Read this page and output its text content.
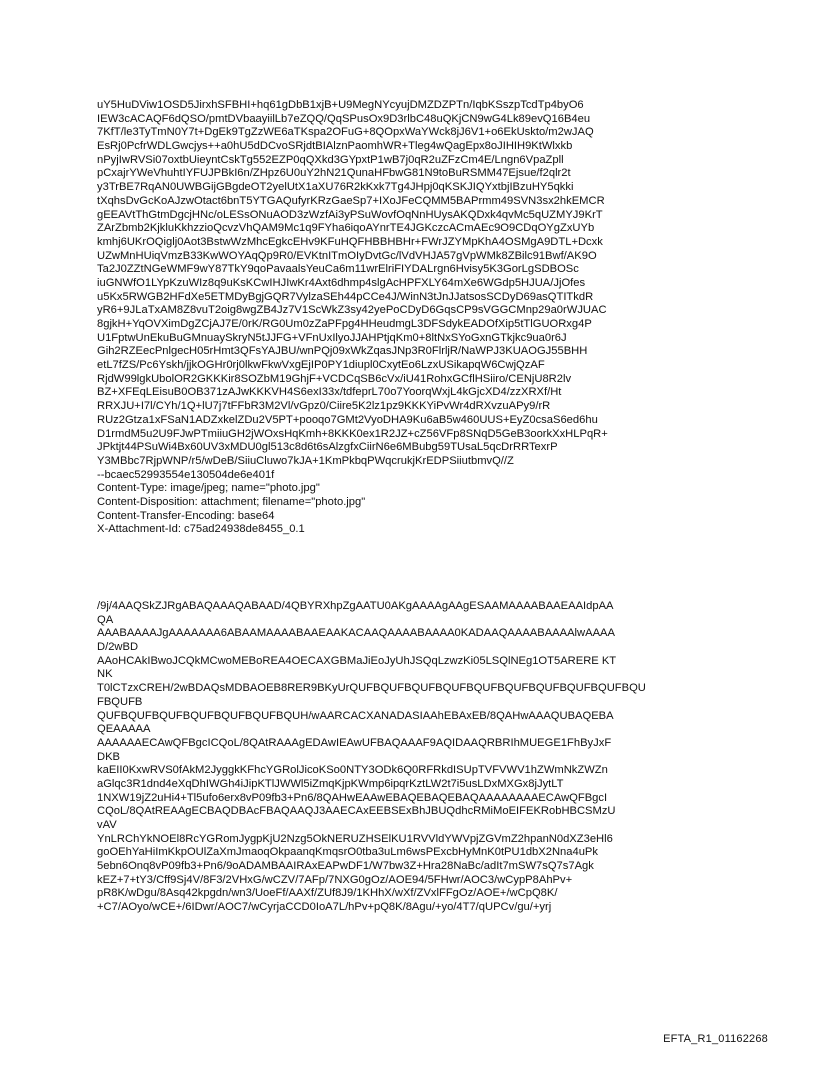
uY5HuDViw1OSD5JirxhSFBHI+hq61gDbB1xjB+U9MegNYcyujDMZDZPTn/IqbKSszpTcdTp4byO6
IEW3cACAQF6dQSO/pmtDVbaayiilLb7eZQQ/QqSPusOx9D3rlbC48uQKjCN9wG4Lk89evQ16B4eu
7KfT/le3TyTmN0Y7t+DgEk9TgZzWE6aTKspa2OFuG+8QOpxWaYWck8jJ6V1+o6EkUskto/m2wJAQ
EsRj0PcfrWDLGwcjys++a0hU5dDCvoSRjdtBIAlznPaomhWR+Tleg4wQagEpx8oJIHIH9KtWlxkb
nPyjIwRVSi07oxtbUieyntCskTg552EZP0qQXkd3GYpxtP1wB7j0qR2uZFzCm4E/Lngn6VpaZpll
pCxajrYWeVhuhtIYFUJPBkI6n/ZHpz6U0uY2hN21QunaHFbwG81N9toBuRSMM47Ejsue/f2qlr2t
y3TrBE7RqAN0UWBGijGBgdeOT2yelUtX1aXU76R2kKxk7Tg4JHpj0qKSKJIQYxtbjIBzuHY5qkki
tXqhsDvGcKoAJzwOtact6bnT5YTGAQufyrKRzGaeSp7+IXoJFeCQMM5BAPrmm49SVN3sx2hkEMCR
gEEAVtThGtmDgcjHNc/oLESsONuAOD3zWzfAi3yPSuWovfOqNnHUysAKQDxk4qvMc5qUZMYJ9KrT
ZArZbmb2KjkluKkhzzioQcvzVhQAM9Mc1q9FYha6iqoAYnrTE4JGKczcACmAEc9O9CDqOYgZxUYb
kmhj6UKrOQiglj0Aot3BstwWzMhcEgkcEHv9KFuHQFHBBHBHr+FWrJZYMpKhA4OSMgA9DTL+Dcxk
UZwMnHUiqVmzB33KwWOYAqQp9R0/EVKtnITmOIyDvtGc/lVdVHJA57gVpWMk8ZBilc91Bwf/AK9O
Ta2J0ZZtNGeWMF9wY87TkY9qoPavaalsYeuCa6m11wrElriFIYDALrgn6Hvisy5K3GorLgSDBOSc
iuGNWfO1LYpKzuWIz8q9uKsKCwIHJIwKr4Axt6dhmp4slgAcHPFXLY64mXe6WGdp5HJUA/JjOfes
u5Kx5RWGB2HFdXe5ETMDyBgjGQR7VylzaSEh44pCCe4J/WinN3tJnJJatsosSCDyD69asQTITkdR
yR6+9JLaTxAM8Z8vuT2oig8wgZB4Jz7V1ScWkZ3sy42yePoCDyD6GqsCP9sVGGCMnp29a0rWJUAC
8gjkH+YqOVXimDgZCjAJ7E/0rK/RG0Um0zZaPFpg4HHeudmgL3DFSdykEADOfXip5tTlGUORxg4P
U1FptwUnEkuBuGMnuaySkryN5tJJFG+VFnUxIlyoJJAHPtjqKm0+8ltNxSYoGxnGTkjkc9ua0r6J
Gih2RZEecPnlgecH05rHmt3QFsYAJBU/wnPQj09xWkZqasJNp3R0FlrljR/NaWPJ3KUAOGJ55BHH
etL7fZS/Pc6Yskh/jjkOGHr0rj0lkwFkwVxgEjIP0PY1diupl0CxytEo6LzxUSikapqW6CwjQzAF
RjdW99lgkUbolOR2GKKKir8SOZbM19GhjF+VCDCqSB6cVx/iU41RohxGCflHSiiro/CENjU8R2lv
BZ+XFEqLEisuB0OB371zAJwKKKVH4S6exI33x/tdfeprL70o7YoorqWxjL4kGjcXD4/zzXRXf/Ht
RRXJU+I7l/CYh/1Q+lU7j7tFFbR3M2Vl/vGpz0/Ciire5K2lz1pz9KKKYiPvWr4dRXvzuAPy9/rR
RUz2Gtza1xFSaN1ADZxkelZDu2V5PT+pooqo7GMt2VyoDHA9Ku6aB5w460UUS+EyZ0csaS6ed6hu
D1rmdM5u2U9FJwPTmiiuGH2jWOxsHqKmh+8KKK0ex1R2JZ+cZ56VFp8SNqD5GeB3oorkXxHLPqR+
JPktjt44PSuWi4Bx60UV3xMDU0gl513c8d6t6sAlzgfxCiirN6e6MBubg59TUsaL5qcDrRRTexrP
Y3MBbc7RjpWNP/r5/wDeB/SiiuCluwo7kJA+1KmPkbqPWqcrukjKrEDPSiiutbmvQ//Z
--bcaec52993554e130504de6e401f
Content-Type: image/jpeg; name="photo.jpg"
Content-Disposition: attachment; filename="photo.jpg"
Content-Transfer-Encoding: base64
X-Attachment-Id: c75ad24938de8455_0.1
/9j/4AAQSkZJRgABAQAAAQABAAD/4QBYRXhpZgAATU0AKgAAAAgAAgESAAMAAAABAAEAAIdpAA
QA
AAABAAAAJgAAAAAAA6ABAAMAAAABAAEAAKACAAQAAAABAAAA0KADAAQAAAABAAAAlwAAAA
D/2wBD
AAoHCAkIBwoJCQkMCwoMEBoREA4OECAXGBMaJiEoJyUhJSQqLzwzKi05LSQlNEg1OT5ARERE KT
NK
T0lCTzxCREH/2wBDAQsMDBAOEB8RER9BKyUrQUFBQUFBQUFBQUFBQUFBQUFBQUFBQUFBQUFBQU
FBQUFB
QUFBQUFBQUFBQUFBQUFBQUFBQUH/wAARCACXANADASIAAhEBAxEB/8QAHwAAAQUBAQEBA
QEAAAAA
AAAAAAECAwQFBgcICQoL/8QAtRAAAgEDAwIEAwUFBAQAAAF9AQIDAAQRBRIhMUEGE1FhByJxF
DKB
kaEII0KxwRVS0fAkM2JyggkKFhcYGRolJicoKSo0NTY3ODk6Q0RFRkdISUpTVFVWV1hZWmNkZWZn
aGlqc3R1dnd4eXqDhIWGh4iJipKTlJWWl5iZmqKjpKWmp6ipqrKztLW2t7i5usLDxMXGx8jJytLT
1NXW19jZ2uHi4+Tl5ufo6erx8vP09fb3+Pn6/8QAHwEAAwEBAQEBAQEBAQAAAAAAAAECAwQFBgcI
CQoL/8QAtREAAgECBAQDBAcFBAQAAQJ3AAECAxEEBSExBhJBUQdhcRMiMoEIFEKRobHBCSMzU
vAV
YnLRChYkNOEl8RcYGRomJygpKjU2Nzg5OkNERUZHSElKU1RVVldYWVpjZGVmZ2hpanN0dXZ3eHl6
goOEhYaHiImKkpOUlZaXmJmaoqOkpaanqKmqsrO0tba3uLm6wsPExcbHyMnK0tPU1dbX2Nna4uPk
5ebn6Onq8vP09fb3+Pn6/9oADAMBAAIRAxEAPwDF1/W7bw3Z+Hra28NaBc/adIt7mSW7sQ7s7Agk
kEZ+7+tY3/Cff9Sj4V/8F3/2VHxG/wCZV/7AFp/7NXG0gOz/AOE94/5FHwr/AOC3/wCypP8AhPv+
pR8K/wDgu/8Asq42kpgdn/wn3/UoeFf/AAXf/ZUf8J9/1KHhX/wXf/ZVxlFFgOz/AOE+/wCpQ8K/
+C7/AOyo/wCE+/6IDwr/AOC7/wCyrjaCCD0IoA7L/hPv+pQ8K/8Agu/+yo/4T7/qUPCv/gu/+yrj
EFTA_R1_01162268
